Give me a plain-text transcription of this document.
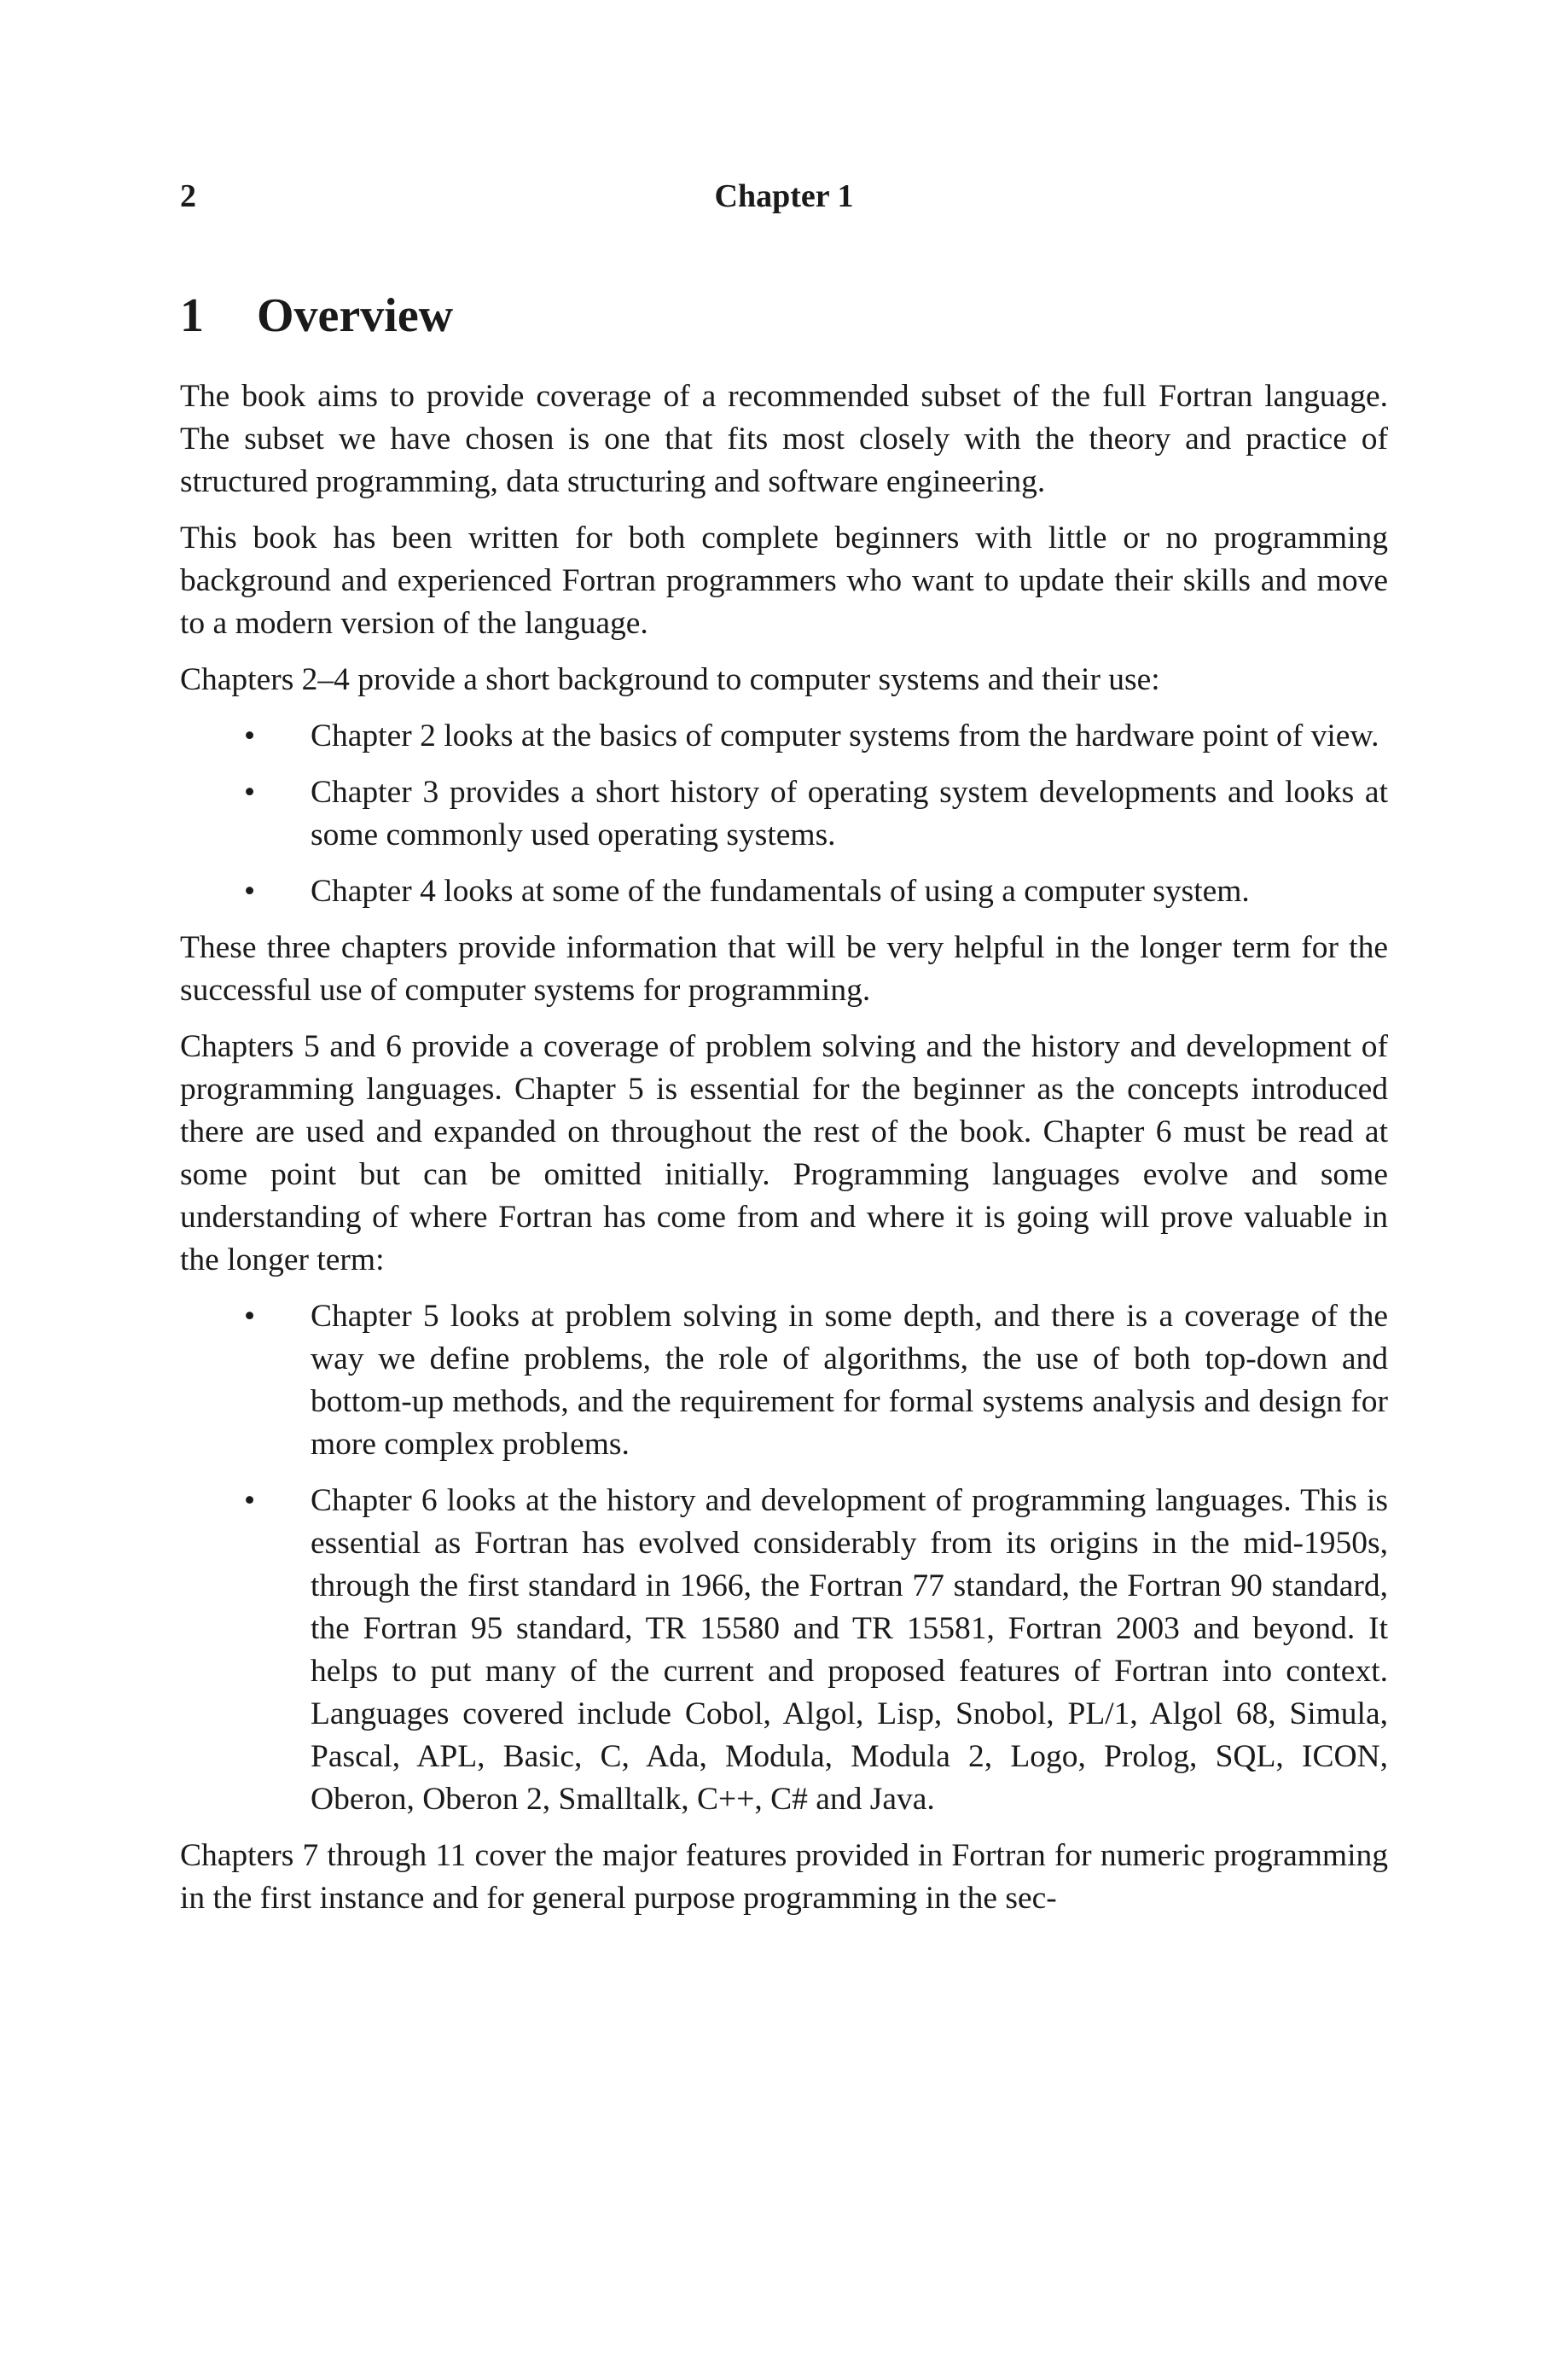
2	Chapter 1
1 Overview

The book aims to provide coverage of a recommended subset of the full Fortran language. The subset we have chosen is one that fits most closely with the theory and practice of structured programming, data structuring and software engineering.

This book has been written for both complete beginners with little or no programming background and experienced Fortran programmers who want to update their skills and move to a modern version of the language.

Chapters 2–4 provide a short background to computer systems and their use:

• Chapter 2 looks at the basics of computer systems from the hardware point of view.
• Chapter 3 provides a short history of operating system developments and looks at some commonly used operating systems.
• Chapter 4 looks at some of the fundamentals of using a computer system.

These three chapters provide information that will be very helpful in the longer term for the successful use of computer systems for programming.

Chapters 5 and 6 provide a coverage of problem solving and the history and development of programming languages. Chapter 5 is essential for the beginner as the concepts introduced there are used and expanded on throughout the rest of the book. Chapter 6 must be read at some point but can be omitted initially. Programming languages evolve and some understanding of where Fortran has come from and where it is going will prove valuable in the longer term:

• Chapter 5 looks at problem solving in some depth, and there is a coverage of the way we define problems, the role of algorithms, the use of both top-down and bottom-up methods, and the requirement for formal systems analysis and design for more complex problems.
• Chapter 6 looks at the history and development of programming languages. This is essential as Fortran has evolved considerably from its origins in the mid-1950s, through the first standard in 1966, the Fortran 77 standard, the Fortran 90 standard, the Fortran 95 standard, TR 15580 and TR 15581, Fortran 2003 and beyond. It helps to put many of the current and proposed features of Fortran into context. Languages covered include Cobol, Algol, Lisp, Snobol, PL/1, Algol 68, Simula, Pascal, APL, Basic, C, Ada, Modula, Modula 2, Logo, Prolog, SQL, ICON, Oberon, Oberon 2, Smalltalk, C++, C# and Java.

Chapters 7 through 11 cover the major features provided in Fortran for numeric programming in the first instance and for general purpose programming in the sec-
